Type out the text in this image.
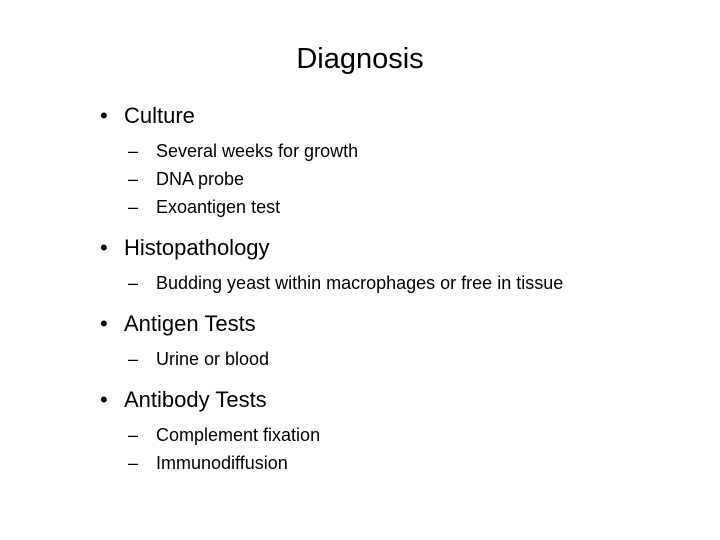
Diagnosis
• Culture
– Several weeks for growth
– DNA probe
– Exoantigen test
• Histopathology
– Budding yeast within macrophages or free in tissue
• Antigen Tests
– Urine or blood
• Antibody Tests
– Complement fixation
– Immunodiffusion
